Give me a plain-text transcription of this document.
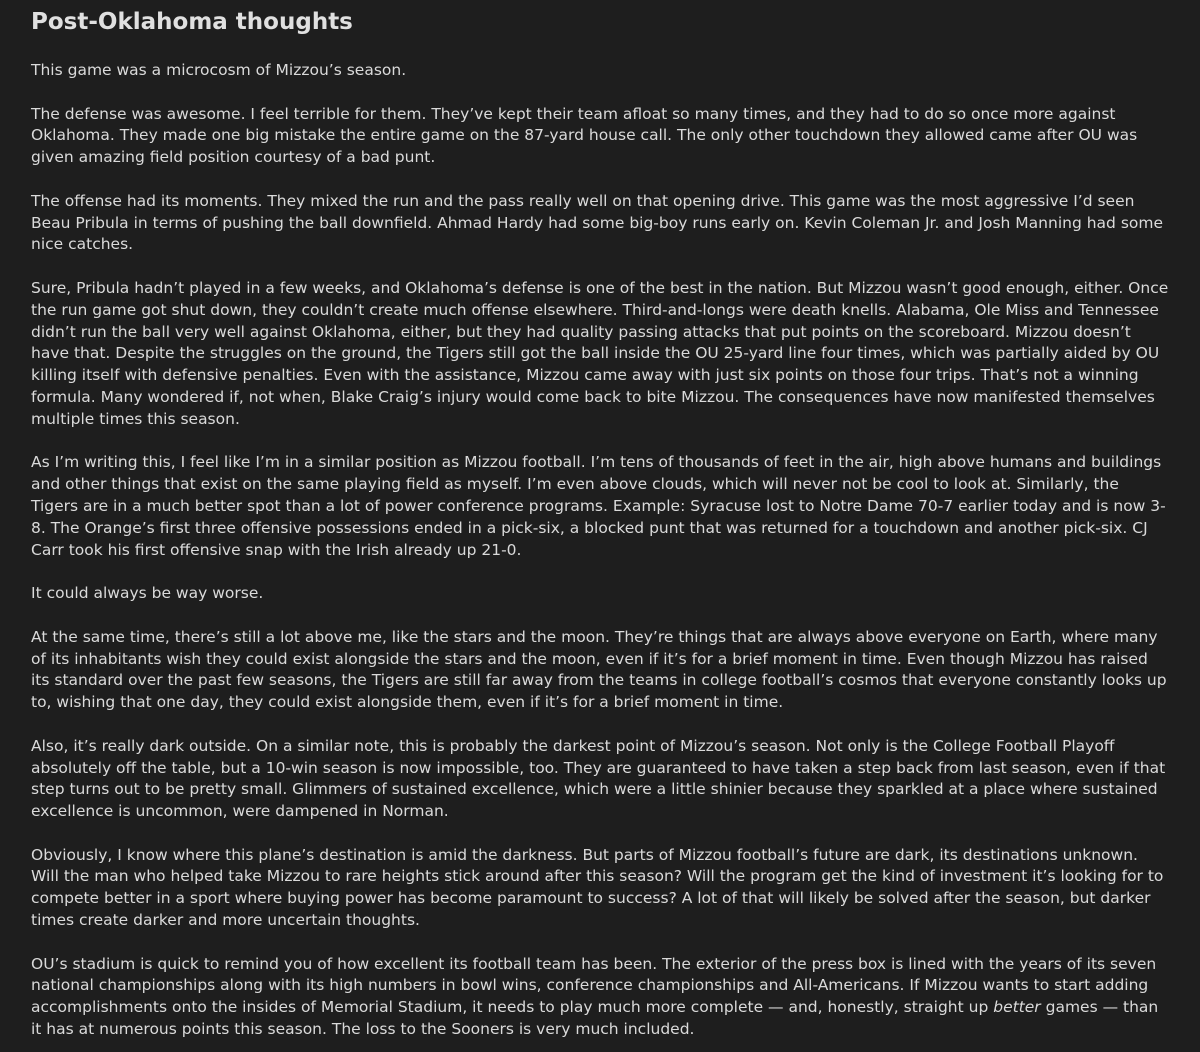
Post-Oklahoma thoughts

This game was a microcosm of Mizzou’s season.

The defense was awesome. I feel terrible for them. They’ve kept their team afloat so many times, and they had to do so once more against Oklahoma. They made one big mistake the entire game on the 87-yard house call. The only other touchdown they allowed came after OU was given amazing field position courtesy of a bad punt.

The offense had its moments. They mixed the run and the pass really well on that opening drive. This game was the most aggressive I’d seen Beau Pribula in terms of pushing the ball downfield. Ahmad Hardy had some big-boy runs early on. Kevin Coleman Jr. and Josh Manning had some nice catches.

Sure, Pribula hadn’t played in a few weeks, and Oklahoma’s defense is one of the best in the nation. But Mizzou wasn’t good enough, either. Once the run game got shut down, they couldn’t create much offense elsewhere. Third-and-longs were death knells. Alabama, Ole Miss and Tennessee didn’t run the ball very well against Oklahoma, either, but they had quality passing attacks that put points on the scoreboard. Mizzou doesn’t have that. Despite the struggles on the ground, the Tigers still got the ball inside the OU 25-yard line four times, which was partially aided by OU killing itself with defensive penalties. Even with the assistance, Mizzou came away with just six points on those four trips. That’s not a winning formula. Many wondered if, not when, Blake Craig’s injury would come back to bite Mizzou. The consequences have now manifested themselves multiple times this season.

As I’m writing this, I feel like I’m in a similar position as Mizzou football. I’m tens of thousands of feet in the air, high above humans and buildings and other things that exist on the same playing field as myself. I’m even above clouds, which will never not be cool to look at. Similarly, the Tigers are in a much better spot than a lot of power conference programs. Example: Syracuse lost to Notre Dame 70-7 earlier today and is now 3-8. The Orange’s first three offensive possessions ended in a pick-six, a blocked punt that was returned for a touchdown and another pick-six. CJ Carr took his first offensive snap with the Irish already up 21-0.

It could always be way worse.

At the same time, there’s still a lot above me, like the stars and the moon. They’re things that are always above everyone on Earth, where many of its inhabitants wish they could exist alongside the stars and the moon, even if it’s for a brief moment in time. Even though Mizzou has raised its standard over the past few seasons, the Tigers are still far away from the teams in college football’s cosmos that everyone constantly looks up to, wishing that one day, they could exist alongside them, even if it’s for a brief moment in time.

Also, it’s really dark outside. On a similar note, this is probably the darkest point of Mizzou’s season. Not only is the College Football Playoff absolutely off the table, but a 10-win season is now impossible, too. They are guaranteed to have taken a step back from last season, even if that step turns out to be pretty small. Glimmers of sustained excellence, which were a little shinier because they sparkled at a place where sustained excellence is uncommon, were dampened in Norman.

Obviously, I know where this plane’s destination is amid the darkness. But parts of Mizzou football’s future are dark, its destinations unknown. Will the man who helped take Mizzou to rare heights stick around after this season? Will the program get the kind of investment it’s looking for to compete better in a sport where buying power has become paramount to success? A lot of that will likely be solved after the season, but darker times create darker and more uncertain thoughts.

OU’s stadium is quick to remind you of how excellent its football team has been. The exterior of the press box is lined with the years of its seven national championships along with its high numbers in bowl wins, conference championships and All-Americans. If Mizzou wants to start adding accomplishments onto the insides of Memorial Stadium, it needs to play much more complete — and, honestly, straight up better games — than it has at numerous points this season. The loss to the Sooners is very much included.
